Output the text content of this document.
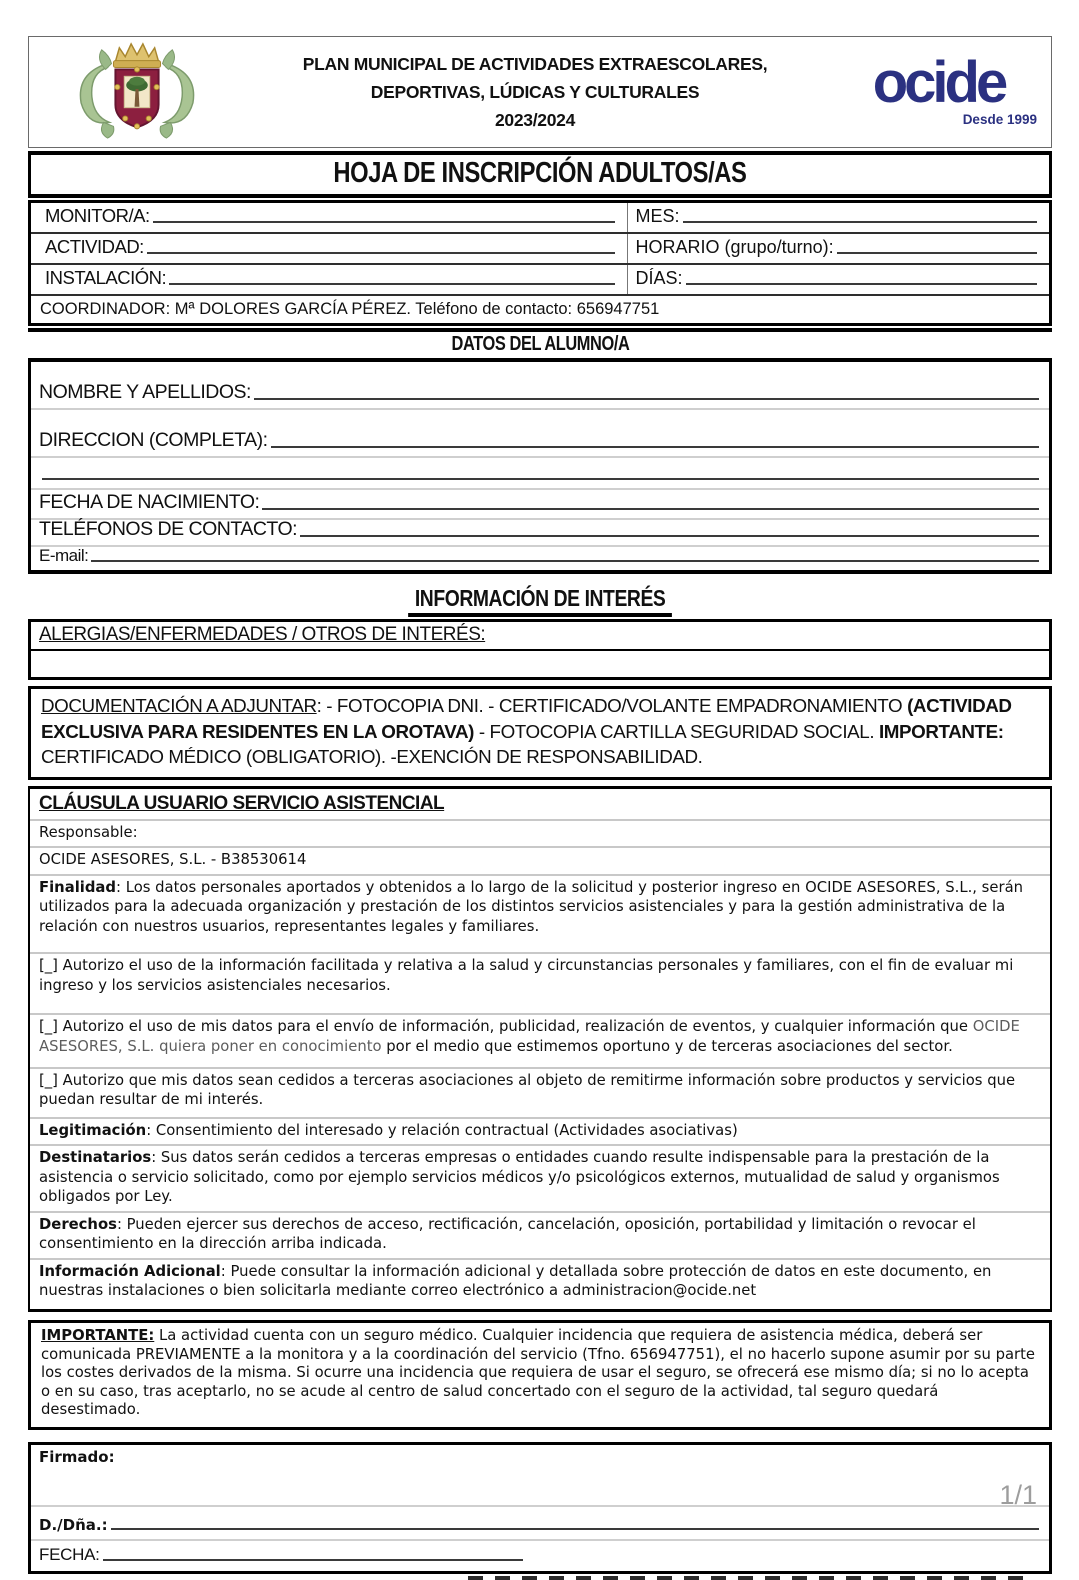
PLAN MUNICIPAL DE ACTIVIDADES EXTRAESCOLARES,
DEPORTIVAS, LÚDICAS Y CULTURALES
2023/2024
ocide
Desde 1999
HOJA DE INSCRIPCIÓN ADULTOS/AS
MONITOR/A:	MES:
ACTIVIDAD:	HORARIO (grupo/turno):
INSTALACIÓN:	DÍAS:
COORDINADOR: Mª DOLORES GARCÍA PÉREZ. Teléfono de contacto: 656947751
DATOS DEL ALUMNO/A
NOMBRE Y APELLIDOS:
DIRECCION (COMPLETA):
FECHA DE NACIMIENTO:
TELÉFONOS DE CONTACTO:
E-mail:
INFORMACIÓN DE INTERÉS
ALERGIAS/ENFERMEDADES / OTROS DE INTERÉS:
DOCUMENTACIÓN A ADJUNTAR: - FOTOCOPIA DNI. - CERTIFICADO/VOLANTE EMPADRONAMIENTO (ACTIVIDAD EXCLUSIVA PARA RESIDENTES EN LA OROTAVA) - FOTOCOPIA CARTILLA SEGURIDAD SOCIAL. IMPORTANTE: CERTIFICADO MÉDICO (OBLIGATORIO). -EXENCIÓN DE RESPONSABILIDAD.
CLÁUSULA USUARIO SERVICIO ASISTENCIAL
Responsable:
OCIDE ASESORES, S.L. - B38530614
Finalidad: Los datos personales aportados y obtenidos a lo largo de la solicitud y posterior ingreso en OCIDE ASESORES, S.L., serán utilizados para la adecuada organización y prestación de los distintos servicios asistenciales y para la gestión administrativa de la relación con nuestros usuarios, representantes legales y familiares.
[_] Autorizo el uso de la información facilitada y relativa a la salud y circunstancias personales y familiares, con el fin de evaluar mi ingreso y los servicios asistenciales necesarios.
[_] Autorizo el uso de mis datos para el envío de información, publicidad, realización de eventos, y cualquier información que OCIDE ASESORES, S.L. quiera poner en conocimiento por el medio que estimemos oportuno y de terceras asociaciones del sector.
[_] Autorizo que mis datos sean cedidos a terceras asociaciones al objeto de remitirme información sobre productos y servicios que puedan resultar de mi interés.
Legitimación: Consentimiento del interesado y relación contractual (Actividades asociativas)
Destinatarios: Sus datos serán cedidos a terceras empresas o entidades cuando resulte indispensable para la prestación de la asistencia o servicio solicitado, como por ejemplo servicios médicos y/o psicológicos externos, mutualidad de salud y organismos obligados por Ley.
Derechos: Pueden ejercer sus derechos de acceso, rectificación, cancelación, oposición, portabilidad y limitación o revocar el consentimiento en la dirección arriba indicada.
Información Adicional: Puede consultar la información adicional y detallada sobre protección de datos en este documento, en nuestras instalaciones o bien solicitarla mediante correo electrónico a administracion@ocide.net
IMPORTANTE: La actividad cuenta con un seguro médico. Cualquier incidencia que requiera de asistencia médica, deberá ser comunicada PREVIAMENTE a la monitora y a la coordinación del servicio (Tfno. 656947751), el no hacerlo supone asumir por su parte los costes derivados de la misma. Si ocurre una incidencia que requiera de usar el seguro, se ofrecerá ese mismo día; si no lo acepta o en su caso, tras aceptarlo, no se acude al centro de salud concertado con el seguro de la actividad, tal seguro quedará desestimado.
Firmado:
D./Dña.:
FECHA:
1/1
